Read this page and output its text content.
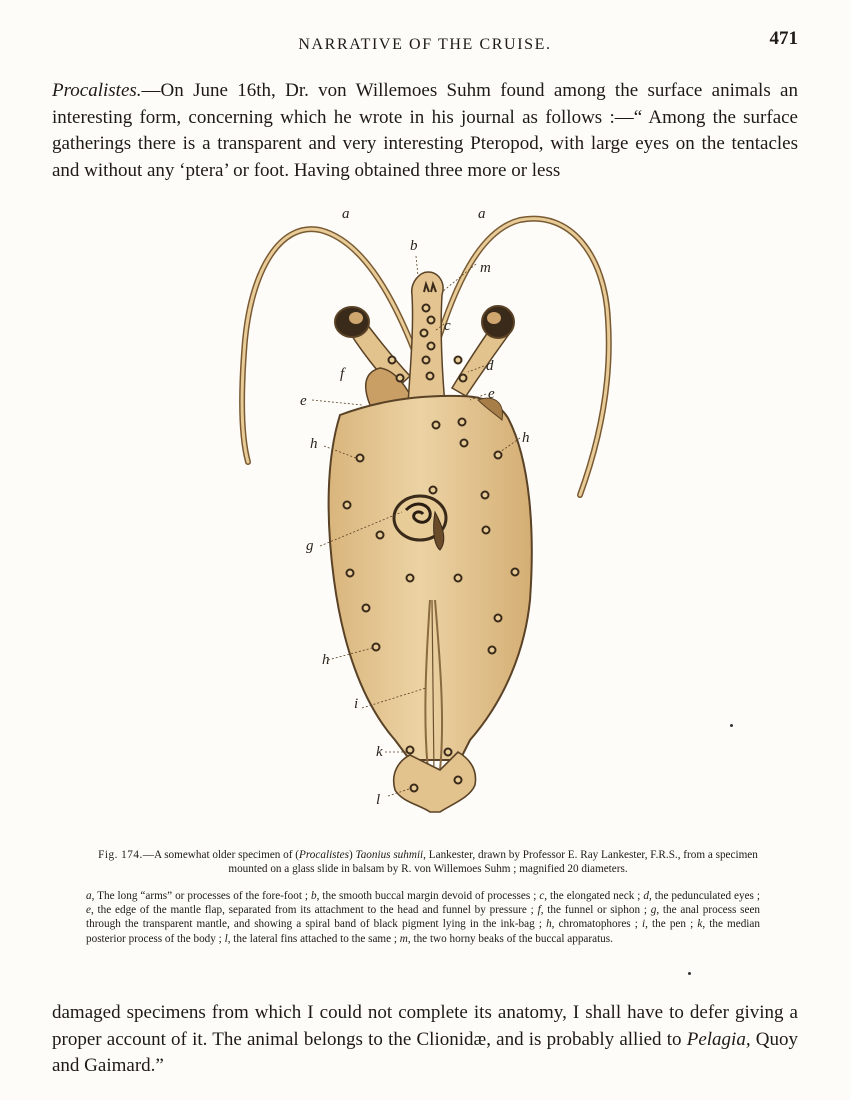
NARRATIVE OF THE CRUISE.	471
Procalistes.—On June 16th, Dr. von Willemoes Suhm found among the surface animals an interesting form, concerning which he wrote in his journal as follows :—“ Among the surface gatherings there is a transparent and very interesting Pteropod, with large eyes on the tentacles and without any ‘ptera’ or foot. Having obtained three more or less
a	a
b
m
c
d
f
e	e
h	h
g
h
i
k
l
Fig. 174.—A somewhat older specimen of (Procalistes) Taonius suhmii, Lankester, drawn by Professor E. Ray Lankester, F.R.S., from a specimen mounted on a glass slide in balsam by R. von Willemoes Suhm ; magnified 20 diameters.
a, The long “arms” or processes of the fore-foot ; b, the smooth buccal margin devoid of processes ; c, the elongated neck ; d, the pedunculated eyes ; e, the edge of the mantle flap, separated from its attachment to the head and funnel by pressure ; f, the funnel or siphon ; g, the anal process seen through the transparent mantle, and showing a spiral band of black pigment lying in the ink-bag ; h, chromatophores ; i, the pen ; k, the median posterior process of the body ; l, the lateral fins attached to the same ; m, the two horny beaks of the buccal apparatus.
damaged specimens from which I could not complete its anatomy, I shall have to defer giving a proper account of it. The animal belongs to the Clionidæ, and is probably allied to Pelagia, Quoy and Gaimard.”
